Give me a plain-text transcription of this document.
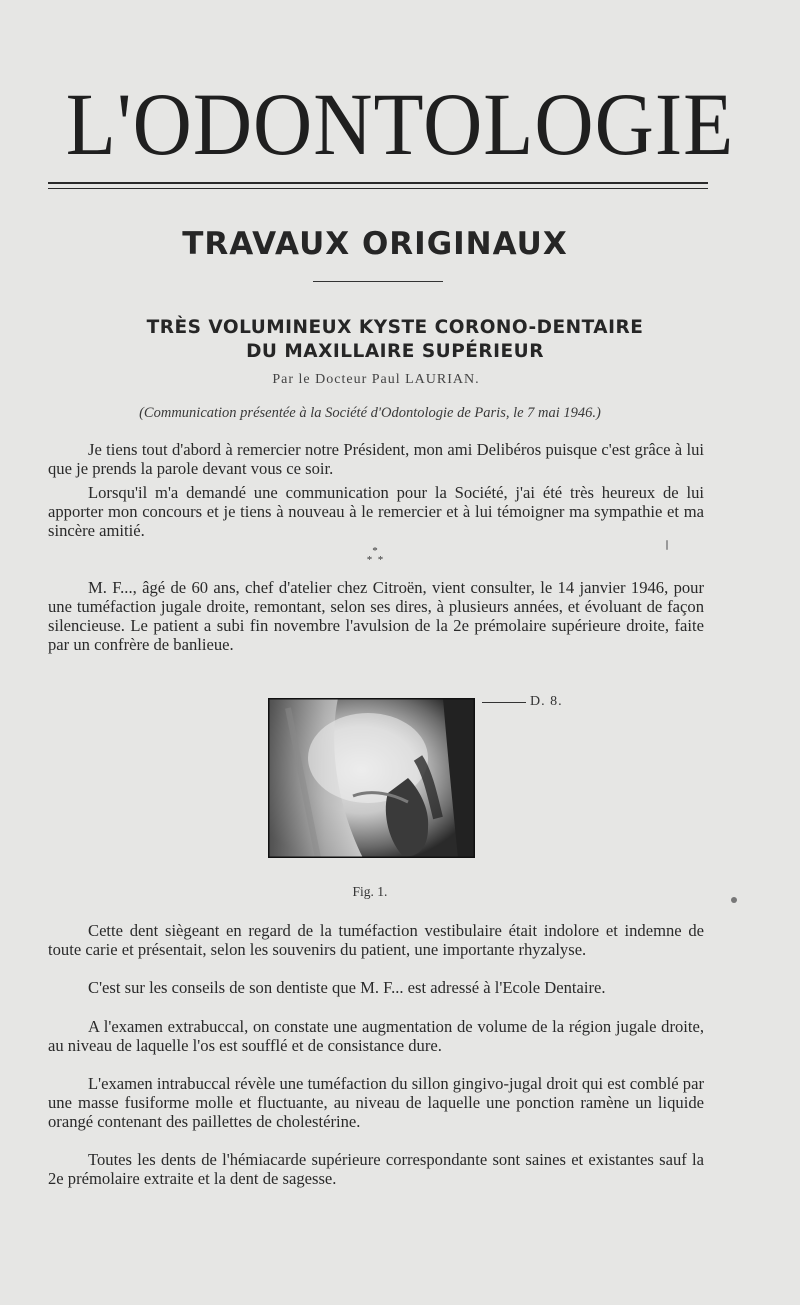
L'ODONTOLOGIE
TRAVAUX ORIGINAUX
TRÈS VOLUMINEUX KYSTE CORONO-DENTAIRE
DU MAXILLAIRE SUPÉRIEUR
Par le Docteur Paul LAURIAN.
(Communication présentée à la Société d'Odontologie de Paris, le 7 mai 1946.)
Je tiens tout d'abord à remercier notre Président, mon ami Delibéros puisque c'est grâce à lui que je prends la parole devant vous ce soir.
Lorsqu'il m'a demandé une communication pour la Société, j'ai été très heureux de lui apporter mon concours et je tiens à nouveau à le remercier et à lui témoigner ma sympathie et ma sincère amitié.
*
*  *
M. F..., âgé de 60 ans, chef d'atelier chez Citroën, vient consulter, le 14 janvier 1946, pour une tuméfaction jugale droite, remontant, selon ses dires, à plusieurs années, et évoluant de façon silencieuse. Le patient a subi fin novembre l'avulsion de la 2e prémolaire supérieure droite, faite par un confrère de banlieue.
D. 8.
Fig. 1.
Cette dent siègeant en regard de la tuméfaction vestibulaire était indolore et indemne de toute carie et présentait, selon les souvenirs du patient, une importante rhyzalyse.
C'est sur les conseils de son dentiste que M. F... est adressé à l'Ecole Dentaire.
A l'examen extrabuccal, on constate une augmentation de volume de la région jugale droite, au niveau de laquelle l'os est soufflé et de consistance dure.
L'examen intrabuccal révèle une tuméfaction du sillon gingivo-jugal droit qui est comblé par une masse fusiforme molle et fluctuante, au niveau de laquelle une ponction ramène un liquide orangé contenant des paillettes de cholestérine.
Toutes les dents de l'hémiacarde supérieure correspondante sont saines et existantes sauf la 2e prémolaire extraite et la dent de sagesse.
